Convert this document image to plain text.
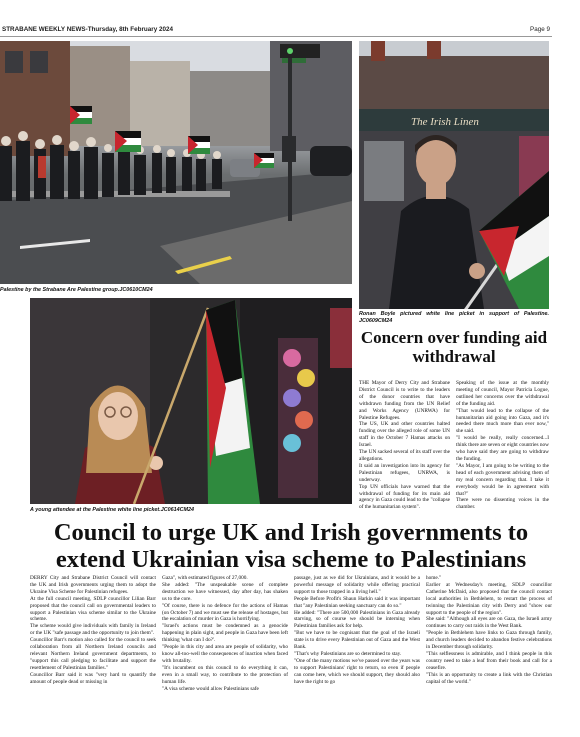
STRABANE WEEKLY NEWS-Thursday, 8th February 2024	Page 9
Palestine by the Strabane Are Palestine group.JC0610CM24
The Irish Linen
Ronan Boyle pictured white line picket in support of Palestine. JC0609CM24
A young attendee at the Palestine white line picket.JC0614CM24
Concern over funding aid withdrawal

THE Mayor of Derry City and Strabane District Council is to write to the leaders of the donor countries that have withdrawn funding from the UN Relief and Works Agency (UNRWA) for Palestine Refugees.

The US, UK and other countries halted funding over the alleged role of some UN staff in the October 7 Hamas attacks on Israel.

The UN sacked several of its staff over the allegations.

It said an investigation into its agency for Palestinian refugees, UNRWA, is underway.

Top UN officials have warned that the withdrawal of funding for its main aid agency in Gaza could lead to the "collapse of the humanitarian system".

Speaking of the issue at the monthly meeting of council, Mayor Patricia Logue, outlined her concerns over the withdrawal of the funding aid.

"That would lead to the collapse of the humanitarian aid going into Gaza, and it's needed there much more than ever now," she said.

"I would be really, really concerned...I think there are seven or eight countries now who have said they are going to withdraw the funding.

"As Mayor, I am going to be writing to the head of each government advising them of my real concern regarding that. I take it everybody would be in agreement with that?"

There were no dissenting voices in the chamber.

Council to urge UK and Irish governments to extend Ukrainian visa scheme to Palestinians

DERRY City and Strabane District Council will contact the UK and Irish governments urging them to adopt the Ukraine Visa Scheme for Palestinian refugees.

At the full council meeting, SDLP councillor Lilian Barr proposed that the council call on governmental leaders to support a Palestinian visa scheme similar to the Ukraine scheme.

The scheme would give individuals with family in Ireland or the UK "safe passage and the opportunity to join them".

Councillor Barr's motion also called for the council to seek collaboration from all Northern Ireland councils and relevant Northern Ireland government departments, to "support this call pledging to facilitate and support the resettlement of Palestinian families."

Councillor Barr said it was "very hard to quantify the amount of people dead or missing in

Gaza", with estimated figures of 27,000.

She added: "The unspeakable scene of complete destruction we have witnessed, day after day, has shaken us to the core.

"Of course, there is no defence for the actions of Hamas (on October 7) and we must see the release of hostages, but the escalation of murder in Gaza is horrifying.

"Israel's actions must be condemned as a genocide happening in plain sight, and people in Gaza have been left thinking 'what can I do?'.

"People in this city and area are people of solidarity, who know all-too-well the consequences of inaction when faced with brutality.

"It's incumbent on this council to do everything it can, even in a small way, to contribute to the protection of human life.

"A visa scheme would allow Palestinians safe

passage, just as we did for Ukrainians, and it would be a powerful message of solidarity while offering practical support to those trapped in a living hell."

People Before Profit's Shaun Harkin said it was important that "any Palestinian seeking sanctuary can do so."

He added: "There are 500,000 Palestinians in Gaza already starving, so of course we should be interning when Palestinian families ask for help.

"But we have to be cognisant that the goal of the Israeli state is to drive every Palestinian out of Gaza and the West Bank.

"That's why Palestinians are so determined to stay.

"One of the many motions we've passed over the years was to support Palestinians' right to return, so even if people can come here, which we should support, they should also have the right to go

home."

Earlier at Wednesday's meeting, SDLP councillor Catherine McDaid, also proposed that the council contact local authorities in Bethlehem, to restart the process of twinning the Palestinian city with Derry and "show our support to the people of the region".

She said: "Although all eyes are on Gaza, the Israeli army continues to carry out raids in the West Bank.

"People in Bethlehem have links to Gaza through family, and church leaders decided to abandon festive celebrations in December through solidarity.

"This selflessness is admirable, and I think people in this country need to take a leaf from their book and call for a ceasefire.

"This is an opportunity to create a link with the Christian capital of the world."
